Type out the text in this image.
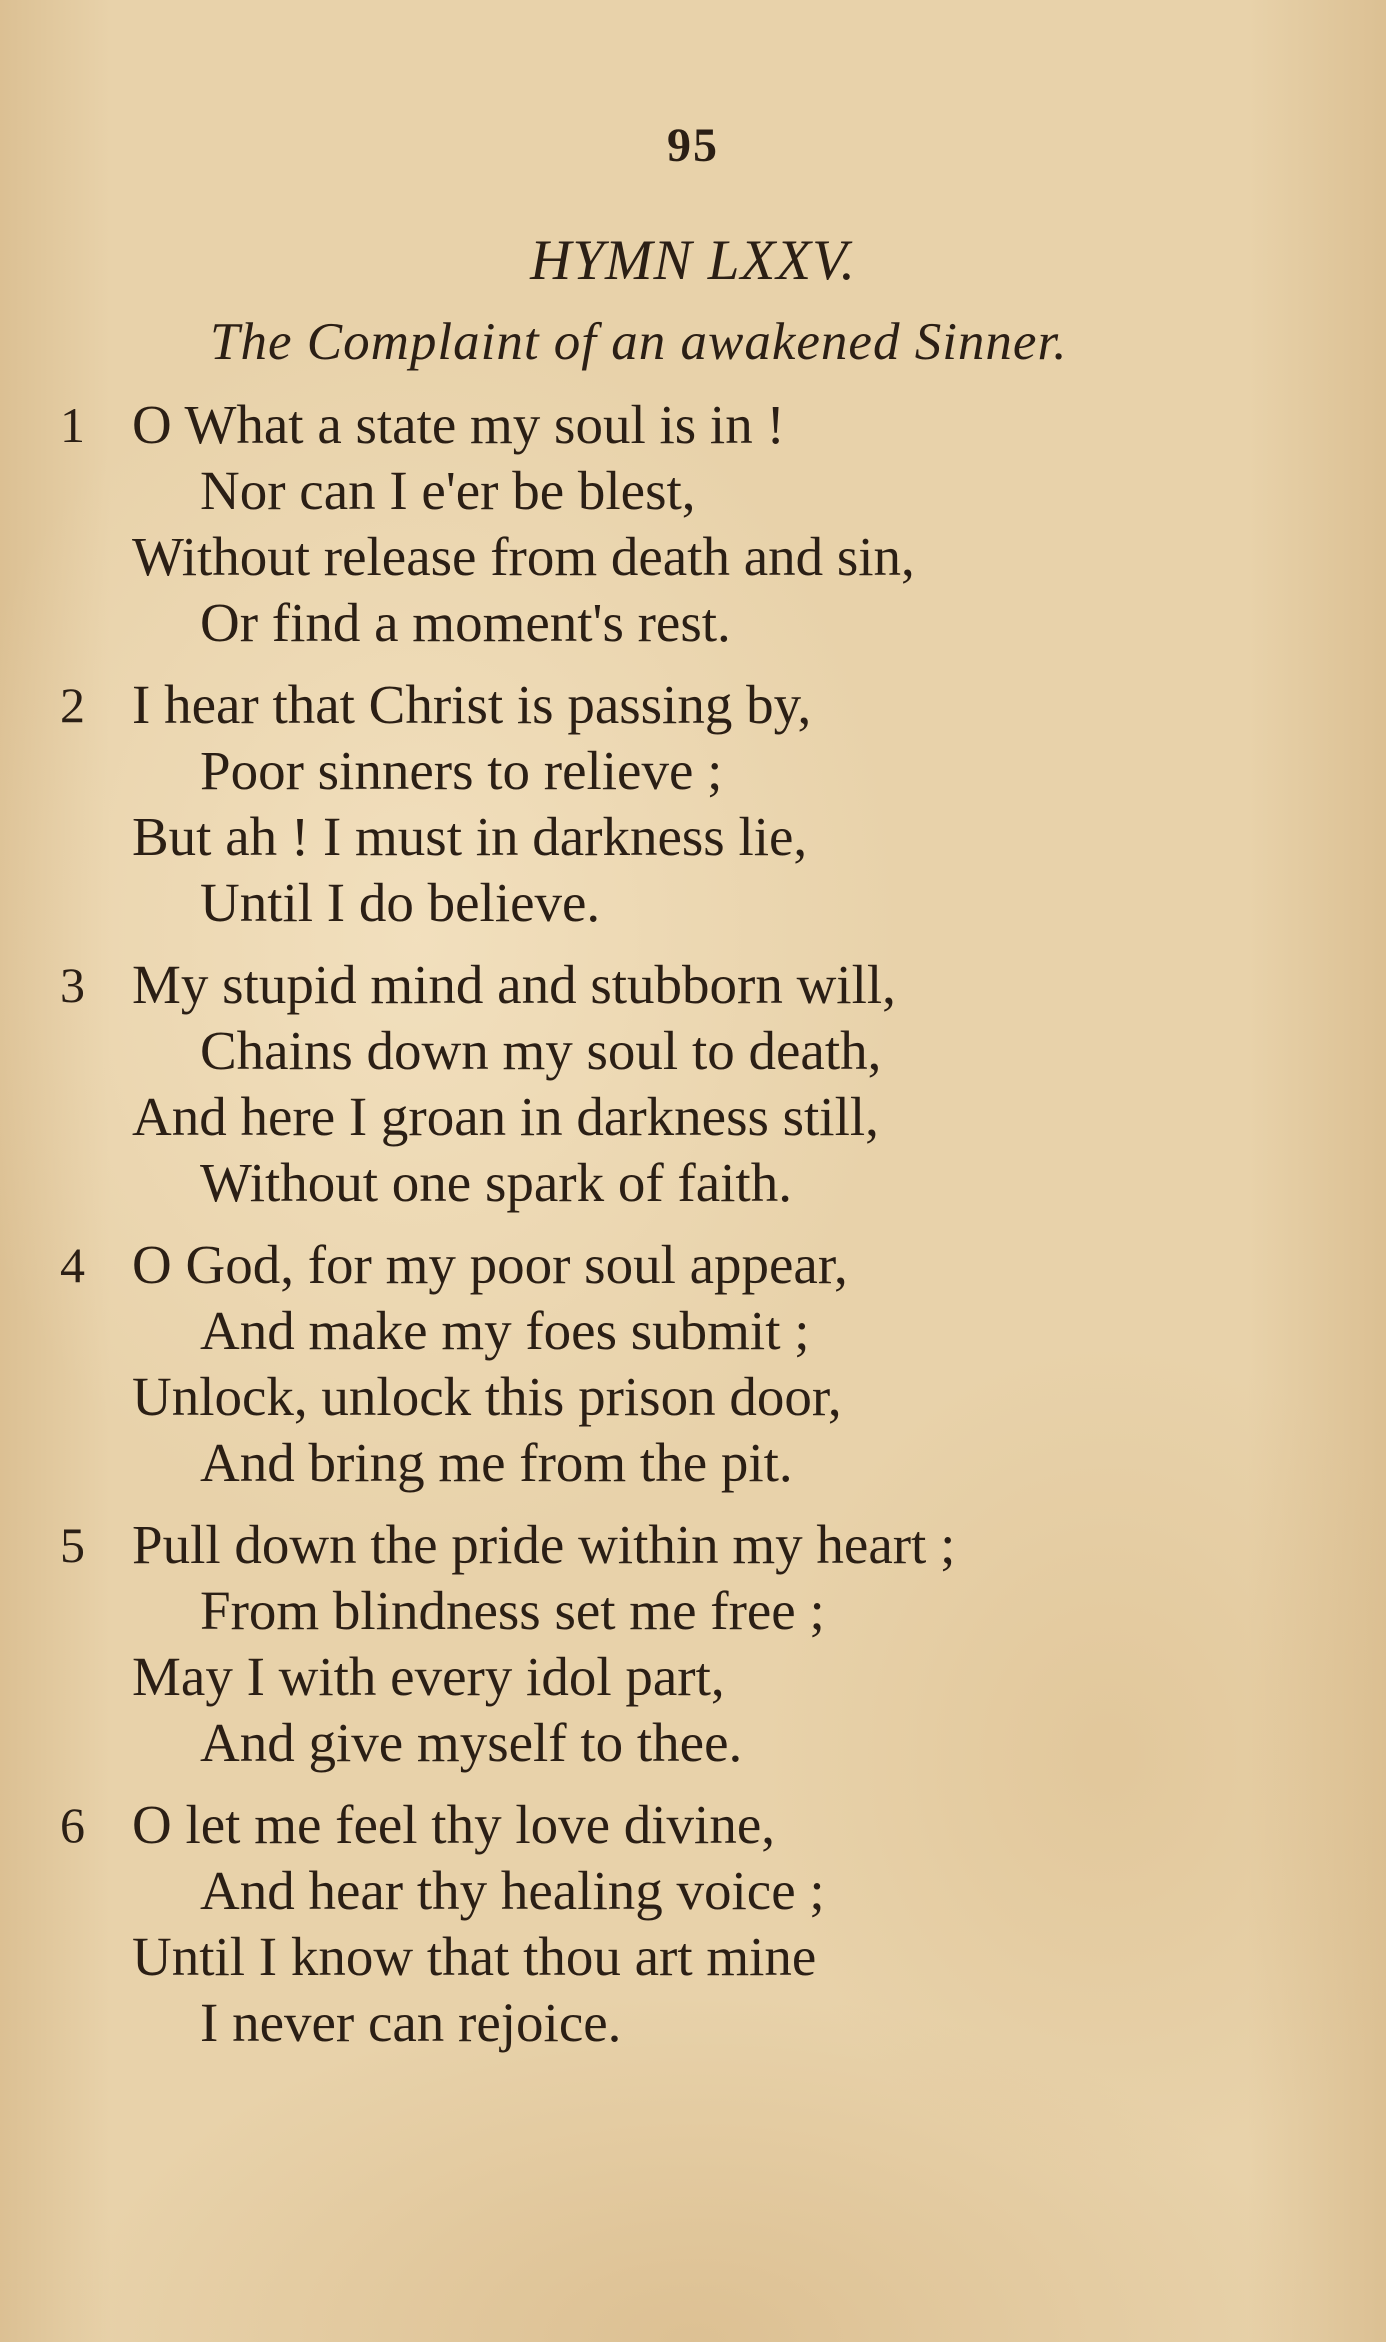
95
HYMN LXXV.
The Complaint of an awakened Sinner.
1 O What a state my soul is in !
Nor can I e'er be blest,
Without release from death and sin,
Or find a moment's rest.
2 I hear that Christ is passing by,
Poor sinners to relieve ;
But ah ! I must in darkness lie,
Until I do believe.
3 My stupid mind and stubborn will,
Chains down my soul to death,
And here I groan in darkness still,
Without one spark of faith.
4 O God, for my poor soul appear,
And make my foes submit ;
Unlock, unlock this prison door,
And bring me from the pit.
5 Pull down the pride within my heart ;
From blindness set me free ;
May I with every idol part,
And give myself to thee.
6 O let me feel thy love divine,
And hear thy healing voice ;
Until I know that thou art mine
I never can rejoice.
